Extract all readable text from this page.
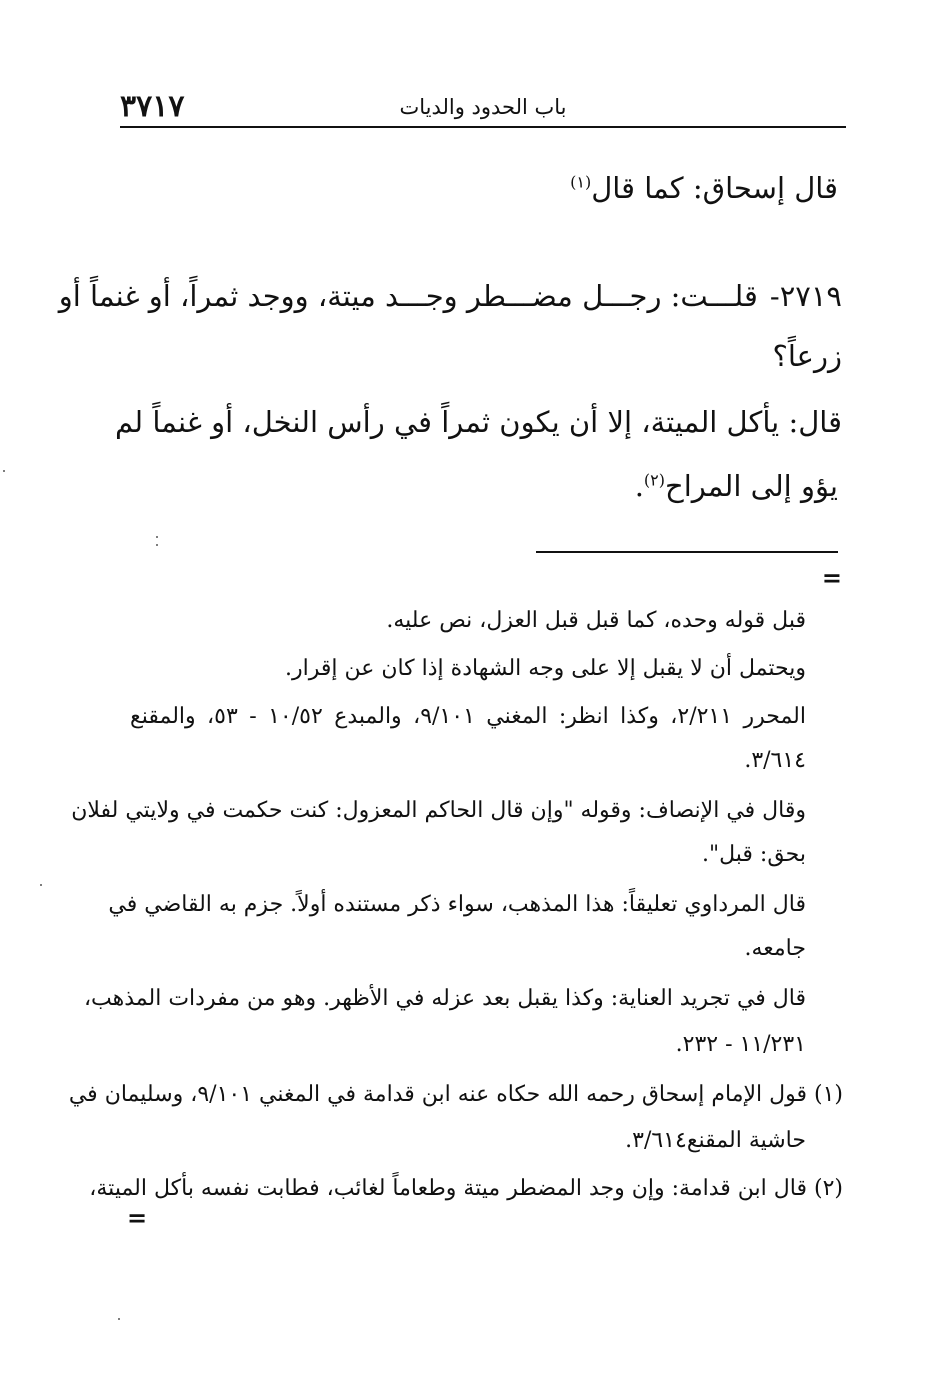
٣٧١٧	باب الحدود والديات
قال إسحاق: كما قال$^{(١)}$
٢٧١٩-قلـــت: رجـــل مضـــطر وجـــد ميتة، ووجد ثمراً، أو غنماً أو
زرعاً؟
قال: يأكل الميتة، إلا أن يكون ثمراً في رأس النخل، أو غنماً لم
يؤو إلى المراح$^{(٢)}$.
=
قبل قوله وحده، كما قبل قبل العزل، نص عليه.
ويحتمل أن لا يقبل إلا على وجه الشهادة إذا كان عن إقرار.
المحرر ٢/٢١١، وكذا انظر: المغني ٩/١٠١، والمبدع ١٠/٥٢ - ٥٣، والمقنع
٣/٦١٤.
وقال في الإنصاف: وقوله "وإن قال الحاكم المعزول: كنت حكمت في ولايتي لفلان
بحق: قبل".
قال المرداوي تعليقاً: هذا المذهب، سواء ذكر مستنده أولاً. جزم به القاضي في
جامعه.
قال في تجريد العناية: وكذا يقبل بعد عزله في الأظهر. وهو من مفردات المذهب،
١١/٢٣١ - ٢٣٢.
(١) قول الإمام إسحاق رحمه الله حكاه عنه ابن قدامة في المغني ٩/١٠١، وسليمان في
حاشية المقنع٣/٦١٤.
(٢) قال ابن قدامة: وإن وجد المضطر ميتة وطعاماً لغائب، فطابت نفسه بأكل الميتة،
=
